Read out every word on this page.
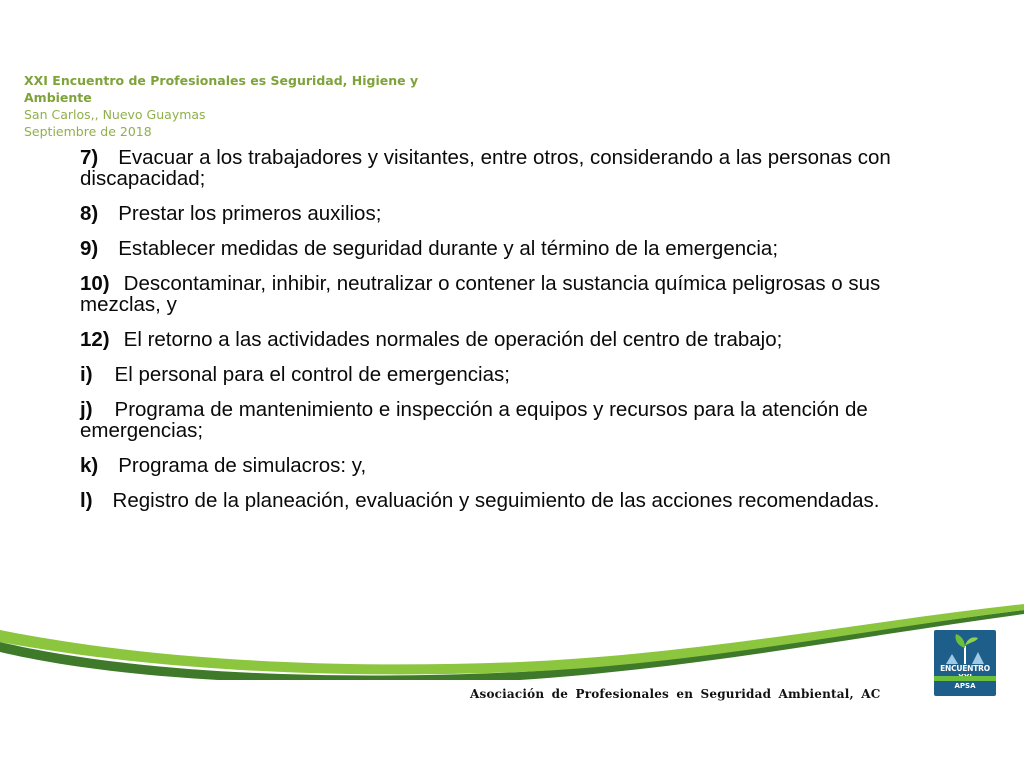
XXI Encuentro de Profesionales es Seguridad, Higiene y
Ambiente
San Carlos,, Nuevo Guaymas
Septiembre de 2018
7) Evacuar a los trabajadores y visitantes, entre otros, considerando a las personas con discapacidad;
8) Prestar los primeros auxilios;
9) Establecer medidas de seguridad durante y al término de la emergencia;
10) Descontaminar, inhibir, neutralizar o contener la sustancia química peligrosas o sus mezclas, y
12) El retorno a las actividades normales de operación del centro de trabajo;
i) El personal para el control de emergencias;
j) Programa de mantenimiento e inspección a equipos y recursos para la atención de emergencias;
k) Programa de simulacros: y,
l) Registro de la planeación, evaluación y seguimiento de las acciones recomendadas.
Asociación de Profesionales en Seguridad Ambiental, AC
ENCUENTRO
APSA
